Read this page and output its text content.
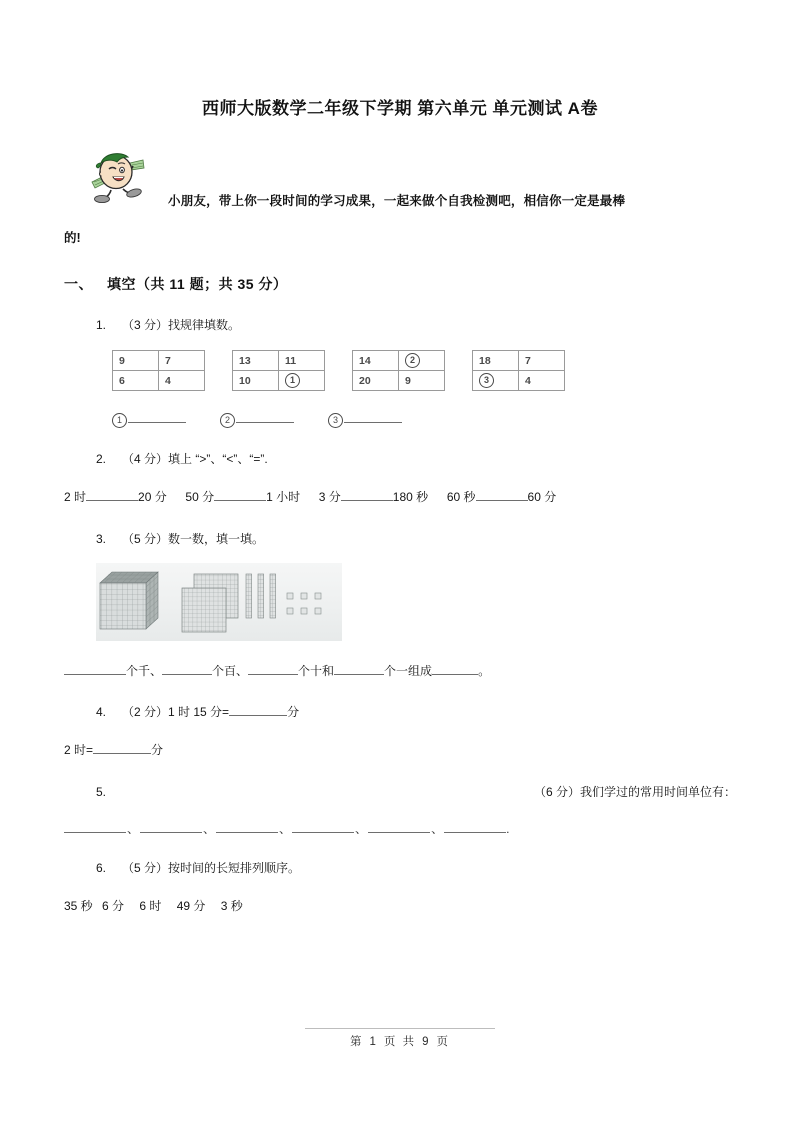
西师大版数学二年级下学期 第六单元 单元测试 A卷
小朋友，带上你一段时间的学习成果，一起来做个自我检测吧，相信你一定是最棒
的!
一、 填空（共 11 题；共 35 分）
1.	（3 分）找规律填数。
9	7
6	4
13	11
10	1
14	2
20	9
18	7
3	4
1	2	3
2.	（4 分）填上 “>”、“<”、“=”.
2 时	20 分 50 分	1 小时 3 分	180 秒 60 秒	60 分
3.	（5 分）数一数，填一填。
个千、	个百、	个十和	个一组成	。
4.	（2 分）1 时 15 分=	分
2 时=	分
5.	（6 分）我们学过的常用时间单位有：
、	、	、	、	、	.
6.	（5 分）按时间的长短排列顺序。
35 秒 6 分 6 时 49 分 3 秒
第 1 页 共 9 页
